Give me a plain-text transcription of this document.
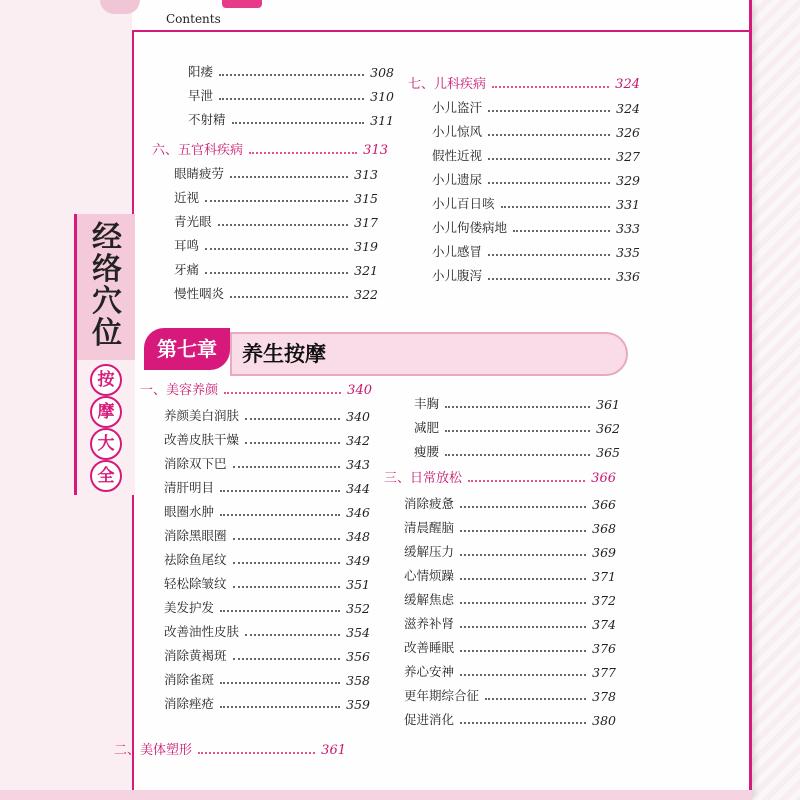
Contents
经络穴位
按
摩
大
全
阳痿	308
早泄	310
不射精	311
六、五官科疾病	313
眼睛疲劳	313
近视	315
青光眼	317
耳鸣	319
牙痛	321
慢性咽炎	322
七、儿科疾病	324
小儿盗汗	324
小儿惊风	326
假性近视	327
小儿遗尿	329
小儿百日咳	331
小儿佝偻病地	333
小儿感冒	335
小儿腹泻	336
一、美容养颜	340
养颜美白润肤	340
改善皮肤干燥	342
消除双下巴	343
清肝明目	344
眼圈水肿	346
消除黑眼圈	348
祛除鱼尾纹	349
轻松除皱纹	351
美发护发	352
改善油性皮肤	354
消除黄褐斑	356
消除雀斑	358
消除痤疮	359
二、美体塑形	361
丰胸	361
减肥	362
瘦腰	365
三、日常放松	366
消除疲惫	366
清晨醒脑	368
缓解压力	369
心情烦躁	371
缓解焦虑	372
滋养补肾	374
改善睡眠	376
养心安神	377
更年期综合征	378
促进消化	380
第七章	养生按摩
